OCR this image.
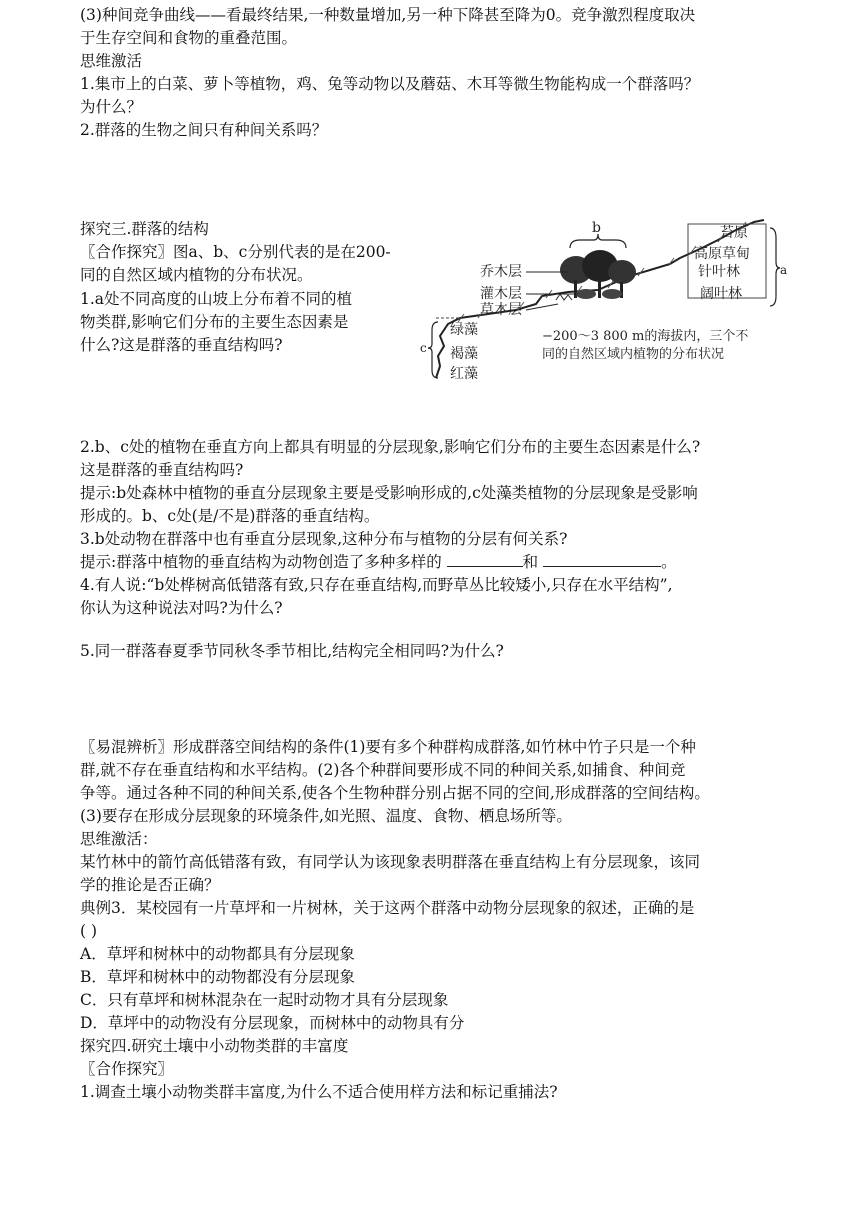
(3)种间竞争曲线——看最终结果,一种数量增加,另一种下降甚至降为0。竞争激烈程度取决
于生存空间和食物的重叠范围。
思维激活
1.集市上的白菜、萝卜等植物，鸡、兔等动物以及蘑菇、木耳等微生物能构成一个群落吗？
为什么？
2.群落的生物之间只有种间关系吗？
探究三.群落的结构
〖合作探究〗图a、b、c分别代表的是在200-
同的自然区域内植物的分布状况。
1.a处不同高度的山坡上分布着不同的植
物类群,影响它们分布的主要生态因素是
什么?这是群落的垂直结构吗?
b	苔原
高原草甸
针叶林
阔叶林
a
乔木层
灌木层
草本层
绿藻
褐藻
红藻
c
−200～3 800 m的海拔内，三个不
同的自然区域内植物的分布状况
2.b、c处的植物在垂直方向上都具有明显的分层现象,影响它们分布的主要生态因素是什么?
这是群落的垂直结构吗?
提示:b处森林中植物的垂直分层现象主要是受影响形成的,c处藻类植物的分层现象是受影响
形成的。b、c处(是/不是)群落的垂直结构。
3.b处动物在群落中也有垂直分层现象,这种分布与植物的分层有何关系?
提示:群落中植物的垂直结构为动物创造了多种多样的	和	。
4.有人说:“b处桦树高低错落有致,只存在垂直结构,而野草丛比较矮小,只存在水平结构”,
你认为这种说法对吗?为什么?
5.同一群落春夏季节同秋冬季节相比,结构完全相同吗?为什么?
〖易混辨析〗形成群落空间结构的条件(1)要有多个种群构成群落,如竹林中竹子只是一个种
群,就不存在垂直结构和水平结构。(2)各个种群间要形成不同的种间关系,如捕食、种间竞
争等。通过各种不同的种间关系,使各个生物种群分别占据不同的空间,形成群落的空间结构。
(3)要存在形成分层现象的环境条件,如光照、温度、食物、栖息场所等。
思维激活：
某竹林中的箭竹高低错落有致，有同学认为该现象表明群落在垂直结构上有分层现象，该同
学的推论是否正确？
典例3．某校园有一片草坪和一片树林，关于这两个群落中动物分层现象的叙述，正确的是
( )
A．草坪和树林中的动物都具有分层现象
B．草坪和树林中的动物都没有分层现象
C．只有草坪和树林混杂在一起时动物才具有分层现象
D．草坪中的动物没有分层现象，而树林中的动物具有分
探究四.研究土壤中小动物类群的丰富度
〖合作探究〗
1.调查土壤小动物类群丰富度,为什么不适合使用样方法和标记重捕法?
